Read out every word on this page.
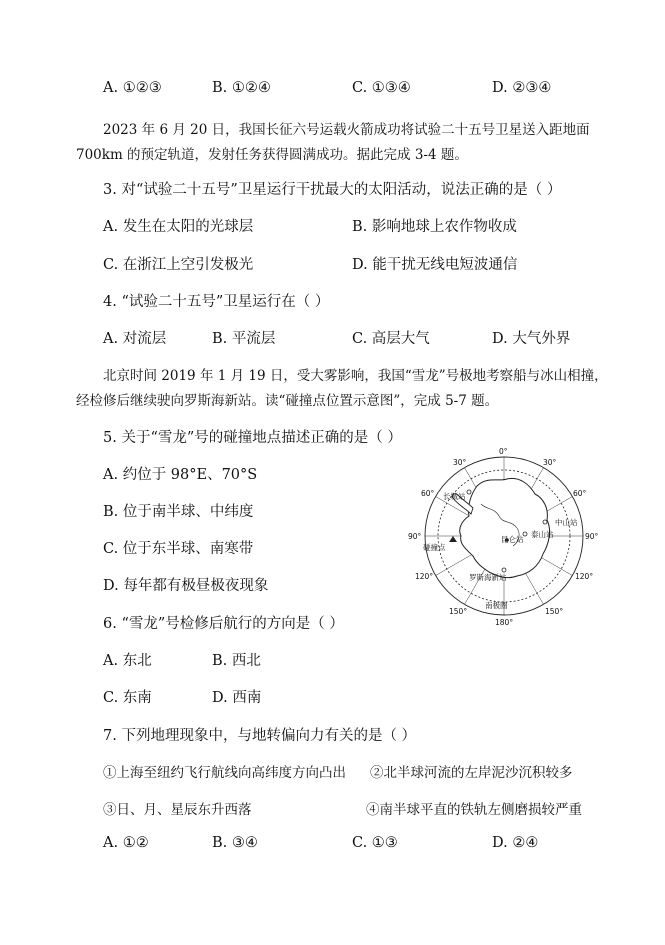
A. ①②③	B. ①②④	C. ①③④	D. ②③④
2023 年 6 月 20 日，我国长征六号运载火箭成功将试验二十五号卫星送入距地面
700km 的预定轨道，发射任务获得圆满成功。据此完成 3-4 题。
3. 对“试验二十五号”卫星运行干扰最大的太阳活动，说法正确的是（ ）
A. 发生在太阳的光球层	B. 影响地球上农作物收成
C. 在浙江上空引发极光	D. 能干扰无线电短波通信
4. “试验二十五号”卫星运行在（ ）
A. 对流层	B. 平流层	C. 高层大气	D. 大气外界
北京时间 2019 年 1 月 19 日，受大雾影响，我国“雪龙”号极地考察船与冰山相撞，
经检修后继续驶向罗斯海新站。读“碰撞点位置示意图”，完成 5-7 题。
5. 关于“雪龙”号的碰撞地点描述正确的是（ ）
A. 约位于 98°E、70°S
B. 位于南半球、中纬度
C. 位于东半球、南寒带
D. 每年都有极昼极夜现象
0°
30°	30°
60°	60°
90°	90°
120°	120°
150°	150°
180°
长城站
中山站
泰山站
昆仑站
碰撞点
罗斯海新站
南极圈
6. “雪龙”号检修后航行的方向是（ ）
A. 东北	B. 西北
C. 东南	D. 西南
7. 下列地理现象中，与地转偏向力有关的是（ ）
①上海至纽约飞行航线向高纬度方向凸出 ②北半球河流的左岸泥沙沉积较多
③日、月、星辰东升西落	④南半球平直的铁轨左侧磨损较严重
A. ①②	B. ③④	C. ①③	D. ②④
